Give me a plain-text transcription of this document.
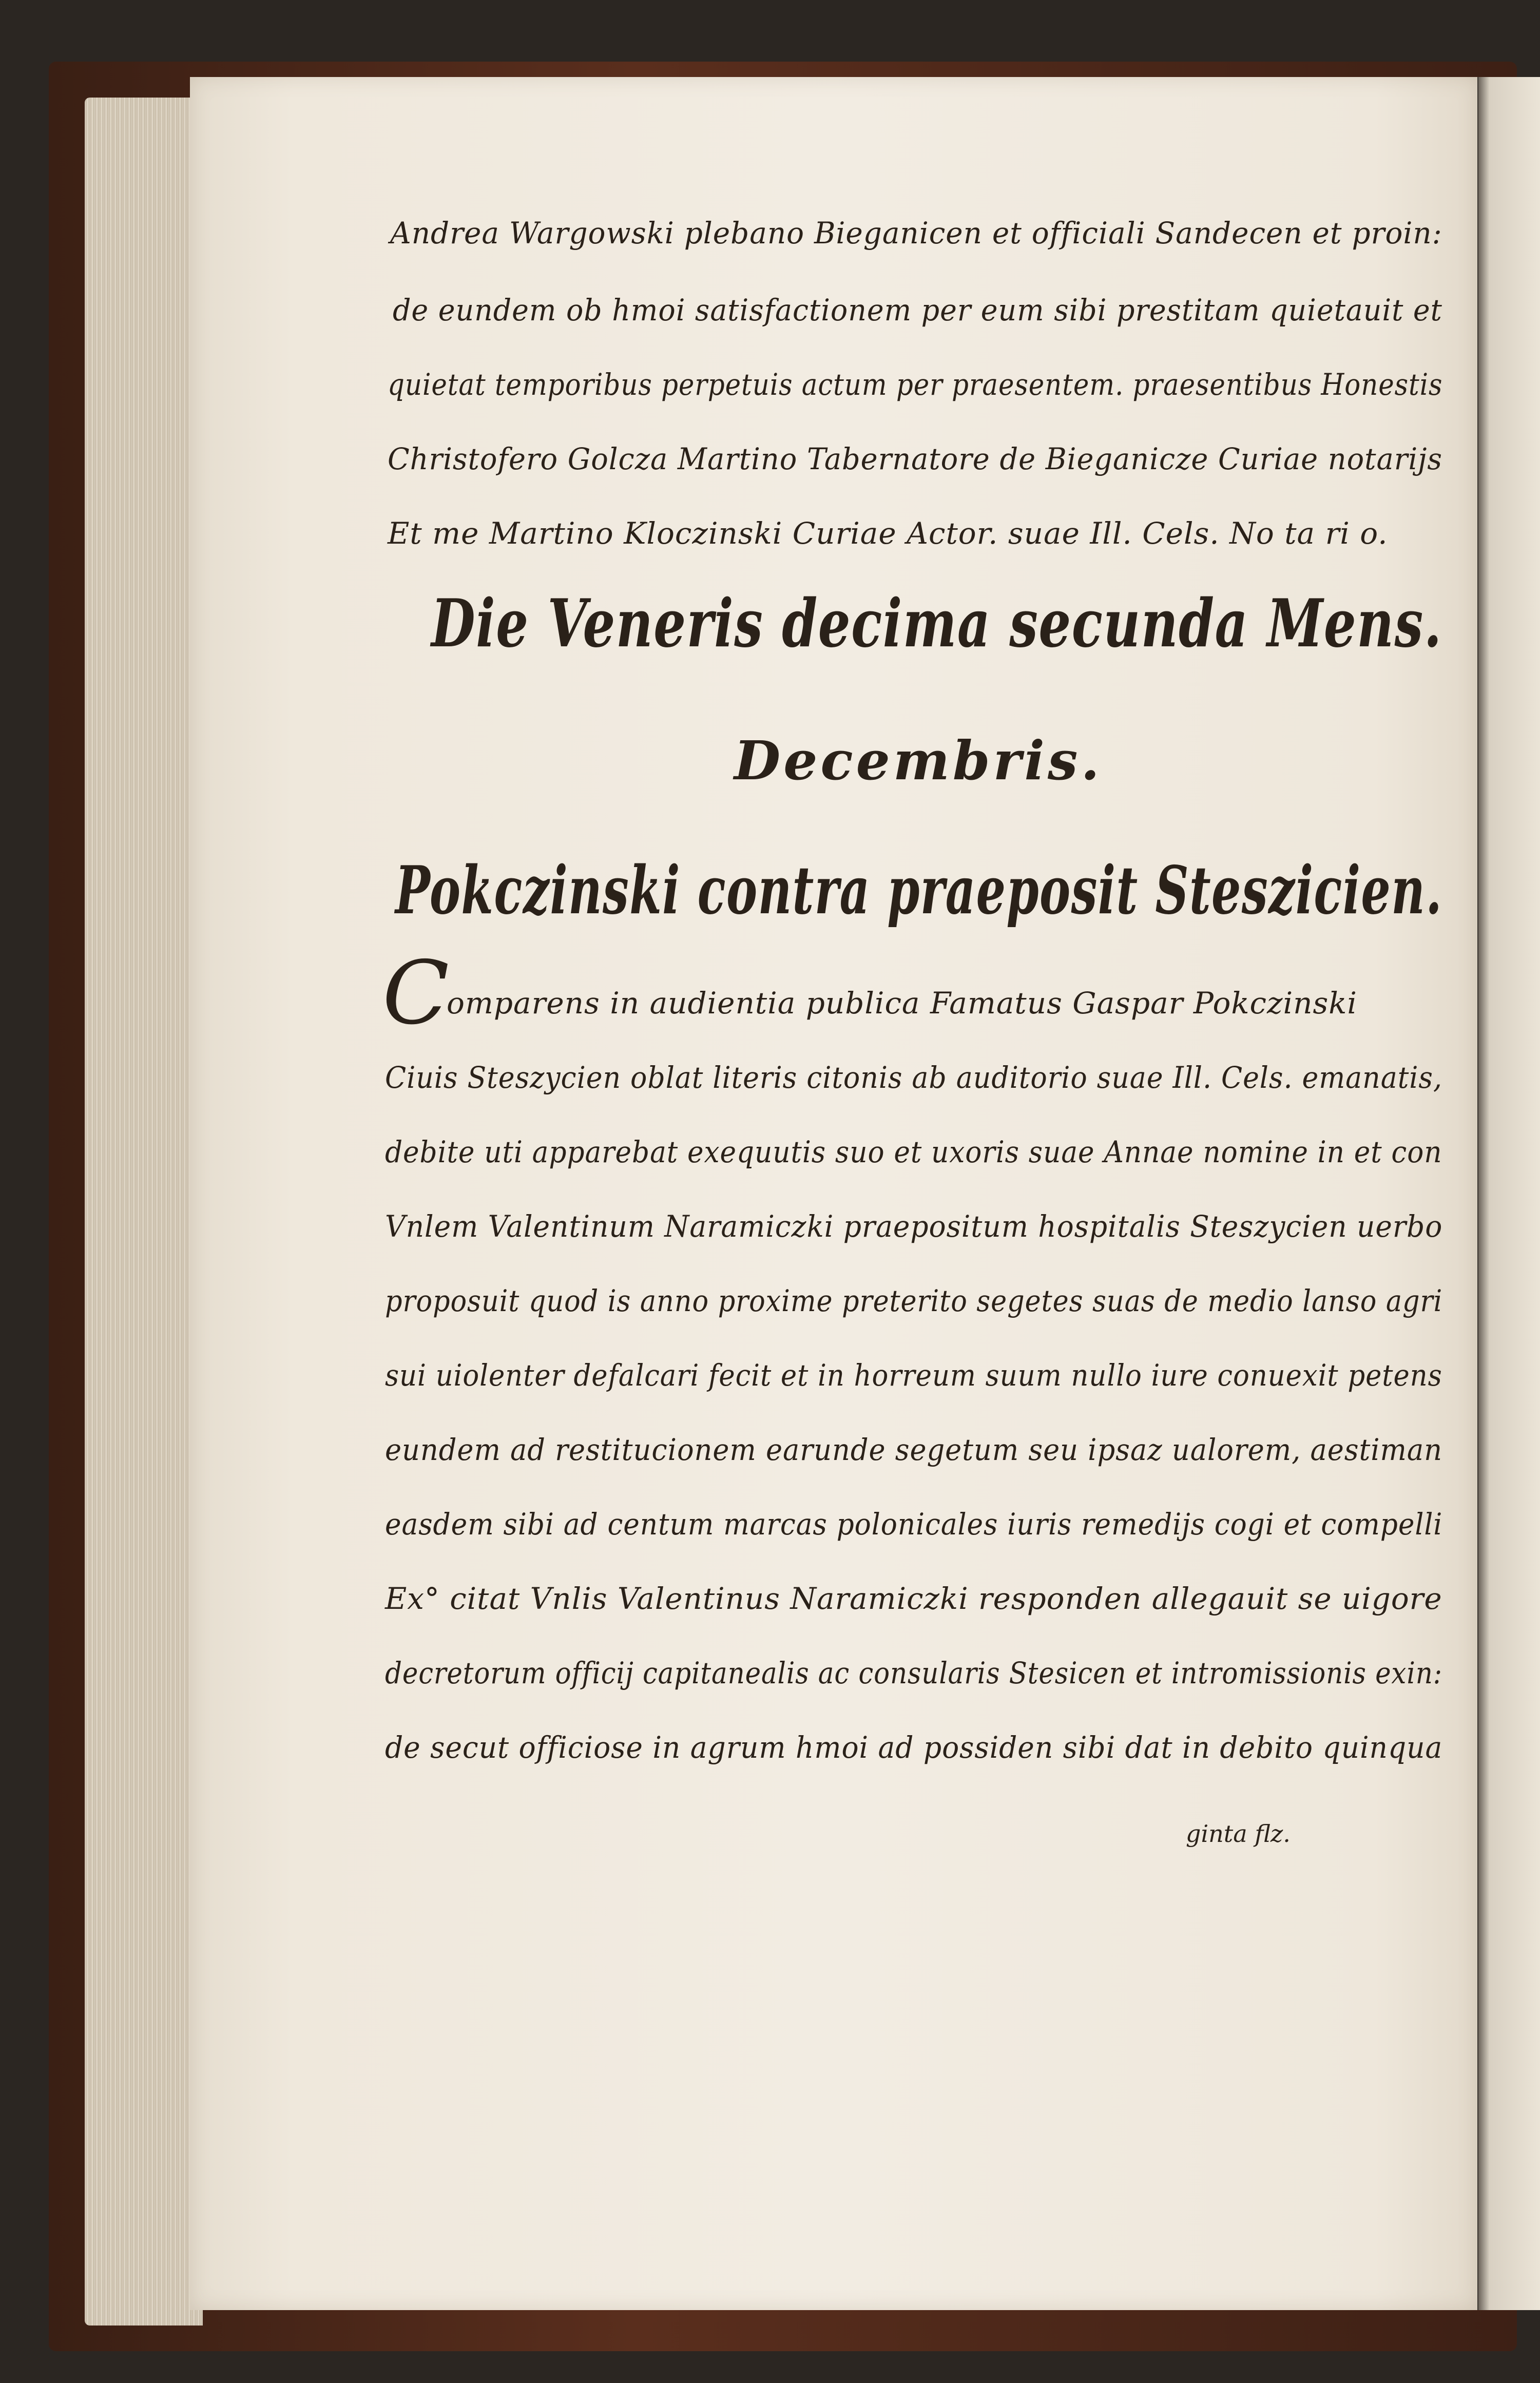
Andrea Wargowski plebano Bieganicen et officiali Sandecen et proin:
de eundem ob hmoi satisfactionem per eum sibi prestitam quietauit et
quietat temporibus perpetuis actum per praesentem. praesentibus Honestis
Christofero Golcza Martino Tabernatore de Bieganicze Curiae notarijs
Et me Martino Kloczinski Curiae Actor. suae Ill. Cels. No ta ri o.
Die Veneris decima secunda Mens.
Decembris.
Pokczinski contra praeposit Steszicien.
C
omparens in audientia publica Famatus Gaspar Pokczinski
Ciuis Steszycien oblat literis citonis ab auditorio suae Ill. Cels. emanatis,
debite uti apparebat exequutis suo et uxoris suae Annae nomine in et con
Vnlem Valentinum Naramiczki praepositum hospitalis Steszycien uerbo
proposuit quod is anno proxime preterito segetes suas de medio lanso agri
sui uiolenter defalcari fecit et in horreum suum nullo iure conuexit petens
eundem ad restitucionem earunde segetum seu ipsaz ualorem, aestiman
easdem sibi ad centum marcas polonicales iuris remedijs cogi et compelli
Ex° citat Vnlis Valentinus Naramiczki responden allegauit se uigore
decretorum officij capitanealis ac consularis Stesicen et intromissionis exin:
de secut officiose in agrum hmoi ad possiden sibi dat in debito quinqua
ginta flz.
